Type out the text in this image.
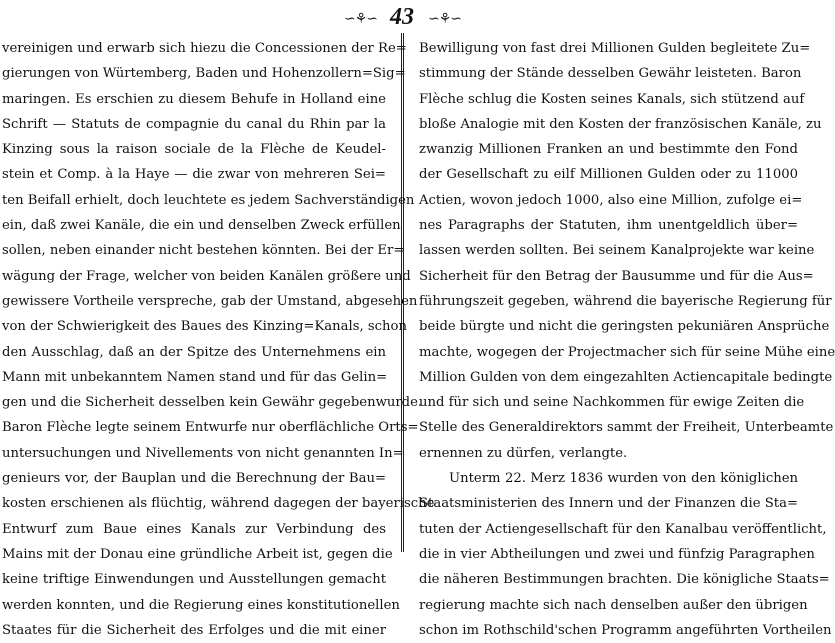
∽⚘∽ 43	∽⚘∽
vereinigen und erwarb sich hiezu die Concessionen der Re=
gierungen von Würtemberg, Baden und Hohenzollern=Sig=
maringen. Es erschien zu diesem Behufe in Holland eine
Schrift — Statuts de compagnie du canal du Rhin par la
Kinzing sous la raison sociale de la Flèche de Keudel-
stein et Comp. à la Haye — die zwar von mehreren Sei=
ten Beifall erhielt, doch leuchtete es jedem Sachverständigen
ein, daß zwei Kanäle, die ein und denselben Zweck erfüllen
sollen, neben einander nicht bestehen könnten. Bei der Er=
wägung der Frage, welcher von beiden Kanälen größere und
gewissere Vortheile verspreche, gab der Umstand, abgesehen
von der Schwierigkeit des Baues des Kinzing=Kanals, schon
den Ausschlag, daß an der Spitze des Unternehmens ein
Mann mit unbekanntem Namen stand und für das Gelin=
gen und die Sicherheit desselben kein Gewähr gegebenwurde.
Baron Flèche legte seinem Entwurfe nur oberflächliche Orts=
untersuchungen und Nivellements von nicht genannten In=
genieurs vor, der Bauplan und die Berechnung der Bau=
kosten erschienen als flüchtig, während dagegen der bayerische
Entwurf zum Baue eines Kanals zur Verbindung des
Mains mit der Donau eine gründliche Arbeit ist, gegen die
keine triftige Einwendungen und Ausstellungen gemacht
werden konnten, und die Regierung eines konstitutionellen
Staates für die Sicherheit des Erfolges und die mit einer
Bewilligung von fast drei Millionen Gulden begleitete Zu=
stimmung der Stände desselben Gewähr leisteten. Baron
Flèche schlug die Kosten seines Kanals, sich stützend auf
bloße Analogie mit den Kosten der französischen Kanäle, zu
zwanzig Millionen Franken an und bestimmte den Fond
der Gesellschaft zu eilf Millionen Gulden oder zu 11000
Actien, wovon jedoch 1000, also eine Million, zufolge ei=
nes Paragraphs der Statuten, ihm unentgeldlich über=
lassen werden sollten. Bei seinem Kanalprojekte war keine
Sicherheit für den Betrag der Bausumme und für die Aus=
führungszeit gegeben, während die bayerische Regierung für
beide bürgte und nicht die geringsten pekuniären Ansprüche
machte, wogegen der Projectmacher sich für seine Mühe eine
Million Gulden von dem eingezahlten Actiencapitale bedingte
und für sich und seine Nachkommen für ewige Zeiten die
Stelle des Generaldirektors sammt der Freiheit, Unterbeamte
ernennen zu dürfen, verlangte.
Unterm 22. Merz 1836 wurden von den königlichen
Staatsministerien des Innern und der Finanzen die Sta=
tuten der Actiengesellschaft für den Kanalbau veröffentlicht,
die in vier Abtheilungen und zwei und fünfzig Paragraphen
die näheren Bestimmungen brachten. Die königliche Staats=
regierung machte sich nach denselben außer den übrigen
schon im Rothschild'schen Programm angeführten Vortheilen
